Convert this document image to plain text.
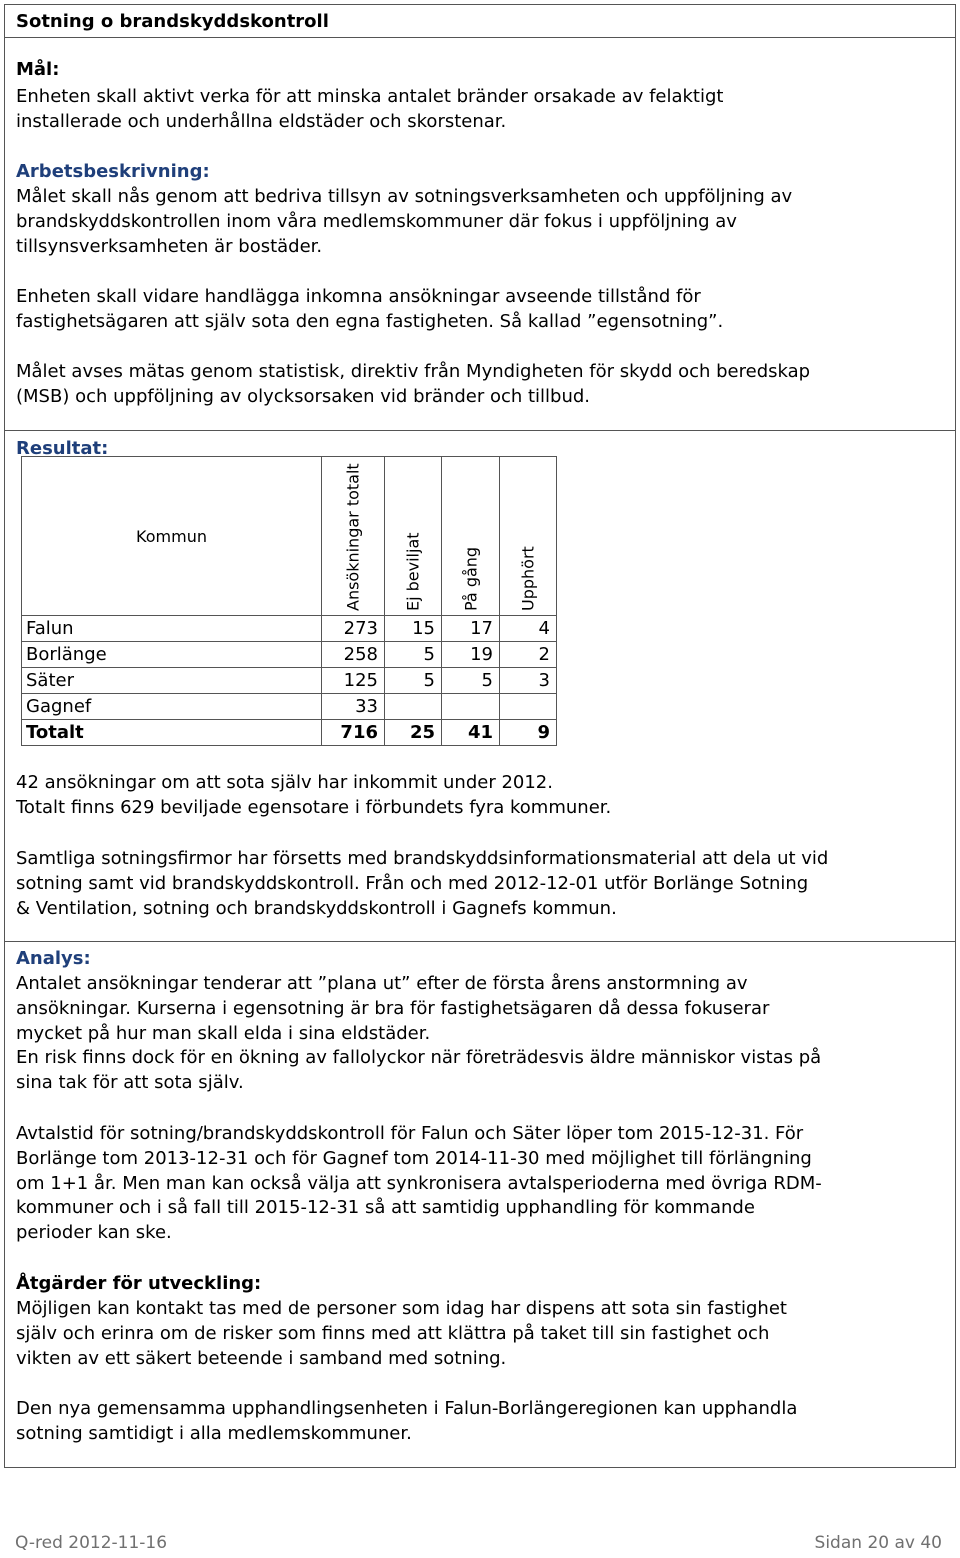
Sotning o brandskyddskontroll
Mål:
Enheten skall aktivt verka för att minska antalet bränder orsakade av felaktigt
installerade och underhållna eldstäder och skorstenar.
Arbetsbeskrivning:
Målet skall nås genom att bedriva tillsyn av sotningsverksamheten och uppföljning av
brandskyddskontrollen inom våra medlemskommuner där fokus i uppföljning av
tillsynsverksamheten är bostäder.
Enheten skall vidare handlägga inkomna ansökningar avseende tillstånd för
fastighetsägaren att själv sota den egna fastigheten. Så kallad ”egensotning”.
Målet avses mätas genom statistisk, direktiv från Myndigheten för skydd och beredskap
(MSB) och uppföljning av olycksorsaken vid bränder och tillbud.
Resultat:
Kommun	Ansökningar totalt	Ej beviljat	På gång	Upphört

Falun	273	15	17	4
Borlänge	258	5	19	2
Säter	125	5	5	3
Gagnef	33			
Totalt	716	25	41	9
42 ansökningar om att sota själv har inkommit under 2012.
Totalt finns 629 beviljade egensotare i förbundets fyra kommuner.
Samtliga sotningsfirmor har försetts med brandskyddsinformationsmaterial att dela ut vid
sotning samt vid brandskyddskontroll. Från och med 2012-12-01 utför Borlänge Sotning
& Ventilation, sotning och brandskyddskontroll i Gagnefs kommun.
Analys:
Antalet ansökningar tenderar att ”plana ut” efter de första årens anstormning av
ansökningar. Kurserna i egensotning är bra för fastighetsägaren då dessa fokuserar
mycket på hur man skall elda i sina eldstäder.
En risk finns dock för en ökning av fallolyckor när företrädesvis äldre människor vistas på
sina tak för att sota själv.
Avtalstid för sotning/brandskyddskontroll för Falun och Säter löper tom 2015-12-31. För
Borlänge tom 2013-12-31 och för Gagnef tom 2014-11-30 med möjlighet till förlängning
om 1+1 år. Men man kan också välja att synkronisera avtalsperioderna med övriga RDM-
kommuner och i så fall till 2015-12-31 så att samtidig upphandling för kommande
perioder kan ske.
Åtgärder för utveckling:
Möjligen kan kontakt tas med de personer som idag har dispens att sota sin fastighet
själv och erinra om de risker som finns med att klättra på taket till sin fastighet och
vikten av ett säkert beteende i samband med sotning.
Den nya gemensamma upphandlingsenheten i Falun-Borlängeregionen kan upphandla
sotning samtidigt i alla medlemskommuner.
Q-red 2012-11-16	Sidan 20 av 40
